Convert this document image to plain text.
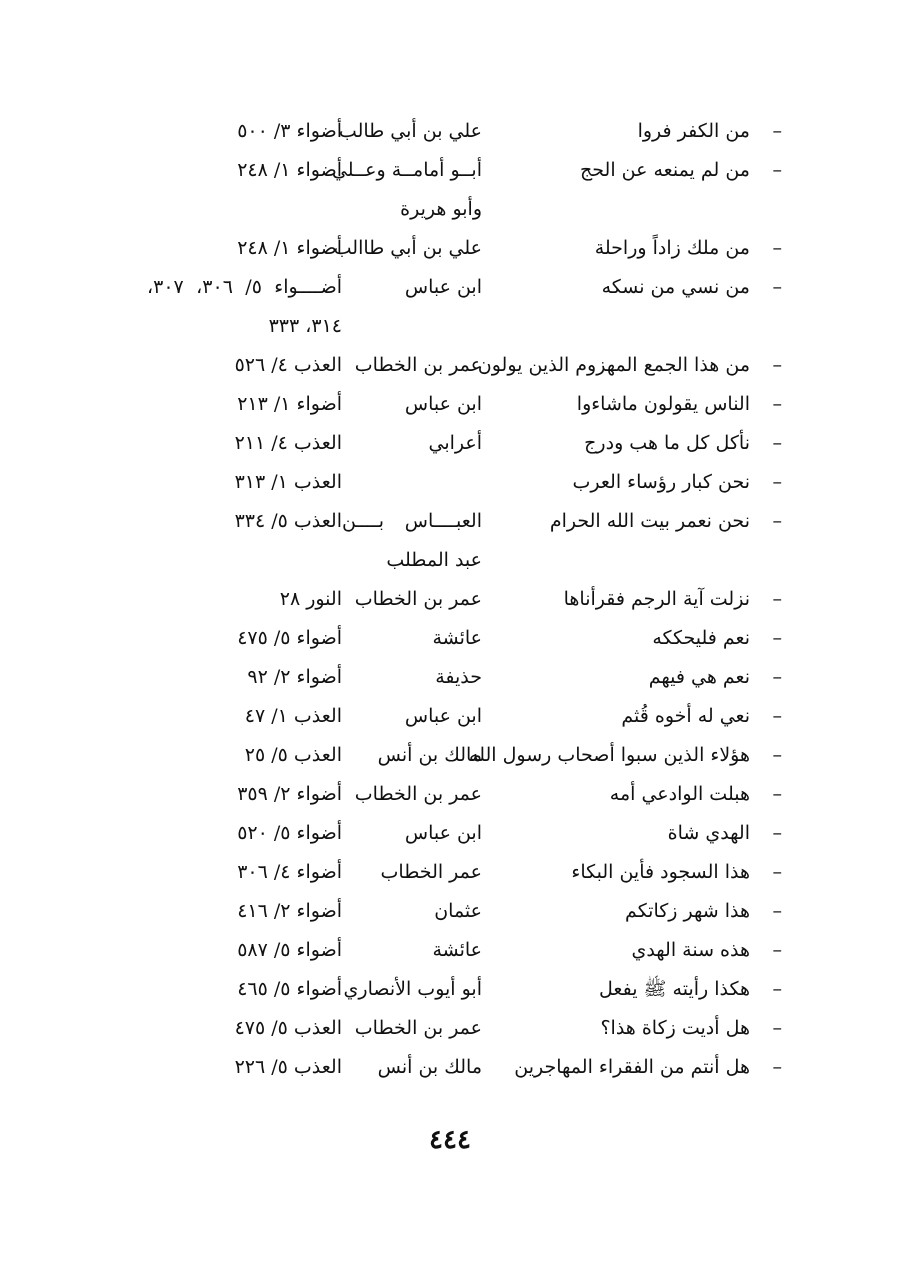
–
من الكفر فروا
علي بن أبي طالب
أضواء ٣/ ٥٠٠
–
من لم يمنعه عن الحج
أبــو أمامــة وعــلي
أضواء ١/ ٢٤٨
وأبو هريرة
–
من ملك زاداً وراحلة
علي بن أبي طاالب
أضواء ١/ ٢٤٨
–
من نسي من نسكه
ابن عباس
أضــــواء ٥/ ٣٠٦، ٣٠٧،
٣١٤، ٣٣٣
–
من هذا الجمع المهزوم الذين يولون
عمر بن الخطاب
العذب ٤/ ٥٢٦
–
الناس يقولون ماشاءوا
ابن عباس
أضواء ١/ ٢١٣
–
نأكل كل ما هب ودرج
أعرابي
العذب ٤/ ٢١١
–
نحن كبار رؤساء العرب
العذب ١/ ٣١٣
–
نحن نعمر بيت الله الحرام
العبــــاس بــــن
العذب ٥/ ٣٣٤
عبد المطلب
–
نزلت آية الرجم فقرأناها
عمر بن الخطاب
النور ٢٨
–
نعم فليحككه
عائشة
أضواء ٥/ ٤٧٥
–
نعم هي فيهم
حذيفة
أضواء ٢/ ٩٢
–
نعي له أخوه قُثم
ابن عباس
العذب ١/ ٤٧
–
هؤلاء الذين سبوا أصحاب رسول الله
مالك بن أنس
العذب ٥/ ٢٥
–
هبلت الوادعي أمه
عمر بن الخطاب
أضواء ٢/ ٣٥٩
–
الهدي شاة
ابن عباس
أضواء ٥/ ٥٢٠
–
هذا السجود فأين البكاء
عمر الخطاب
أضواء ٤/ ٣٠٦
–
هذا شهر زكاتكم
عثمان
أضواء ٢/ ٤١٦
–
هذه سنة الهدي
عائشة
أضواء ٥/ ٥٨٧
–
هكذا رأيته ﷺ يفعل
أبو أيوب الأنصاري
أضواء ٥/ ٤٦٥
–
هل أديت زكاة هذا؟
عمر بن الخطاب
العذب ٥/ ٤٧٥
–
هل أنتم من الفقراء المهاجرين
مالك بن أنس
العذب ٥/ ٢٢٦
٤٤٤
